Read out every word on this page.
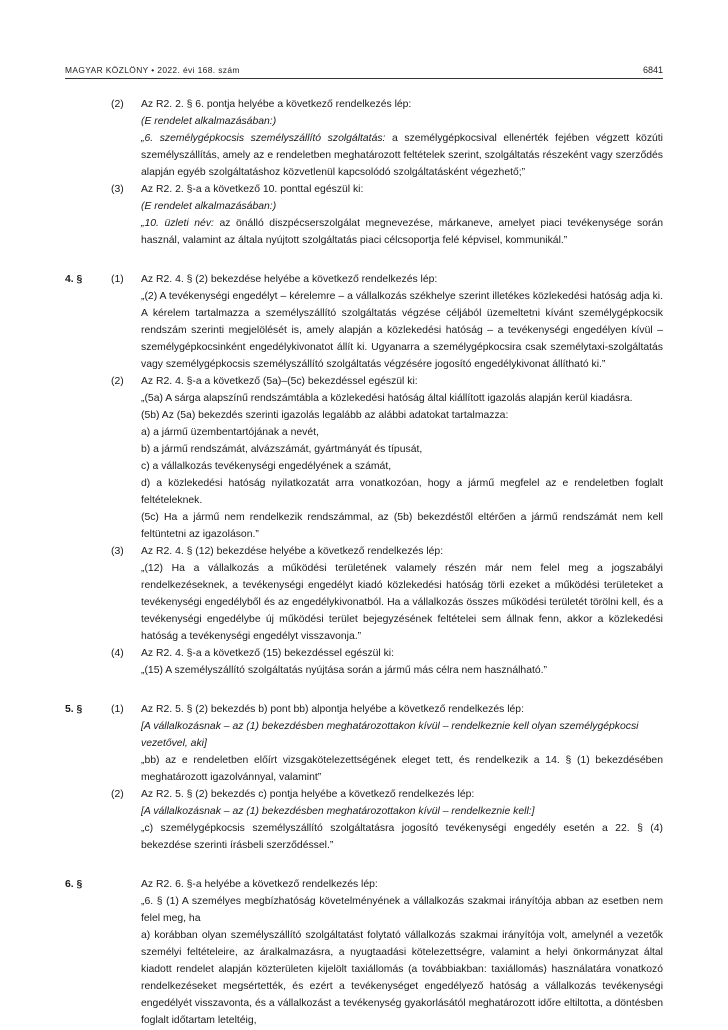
MAGYAR KÖZLÖNY • 2022. évi 168. szám	6841
(2) Az R2. 2. § 6. pontja helyébe a következő rendelkezés lép:
(E rendelet alkalmazásában:)
„6. személygépkocsis személyszállító szolgáltatás: a személygépkocsival ellenérték fejében végzett közúti személyszállítás, amely az e rendeletben meghatározott feltételek szerint, szolgáltatás részeként vagy szerződés alapján egyéb szolgáltatáshoz közvetlenül kapcsolódó szolgáltatásként végezhető;”
(3) Az R2. 2. §-a a következő 10. ponttal egészül ki:
(E rendelet alkalmazásában:)
„10. üzleti név: az önálló diszpécserszolgálat megnevezése, márkaneve, amelyet piaci tevékenysége során használ, valamint az általa nyújtott szolgáltatás piaci célcsoportja felé képvisel, kommunikál.”
4. §	(1) Az R2. 4. § (2) bekezdése helyébe a következő rendelkezés lép:
„(2) A tevékenységi engedélyt – kérelemre – a vállalkozás székhelye szerint illetékes közlekedési hatóság adja ki. A kérelem tartalmazza a személyszállító szolgáltatás végzése céljából üzemeltetni kívánt személygépkocsik rendszám szerinti megjelölését is, amely alapján a közlekedési hatóság – a tevékenységi engedélyen kívül – személygépkocsinként engedélykivonatot állít ki. Ugyanarra a személygépkocsira csak személytaxi-szolgáltatás vagy személygépkocsis személyszállító szolgáltatás végzésére jogosító engedélykivonat állítható ki.”
(2) Az R2. 4. §-a a következő (5a)–(5c) bekezdéssel egészül ki:
„(5a) A sárga alapszínű rendszámtábla a közlekedési hatóság által kiállított igazolás alapján kerül kiadásra.
(5b) Az (5a) bekezdés szerinti igazolás legalább az alábbi adatokat tartalmazza:
a) a jármű üzembentartójának a nevét,
b) a jármű rendszámát, alvázszámát, gyártmányát és típusát,
c) a vállalkozás tevékenységi engedélyének a számát,
d) a közlekedési hatóság nyilatkozatát arra vonatkozóan, hogy a jármű megfelel az e rendeletben foglalt feltételeknek.
(5c) Ha a jármű nem rendelkezik rendszámmal, az (5b) bekezdéstől eltérően a jármű rendszámát nem kell feltüntetni az igazoláson.”
(3) Az R2. 4. § (12) bekezdése helyébe a következő rendelkezés lép:
„(12) Ha a vállalkozás a működési területének valamely részén már nem felel meg a jogszabályi rendelkezéseknek, a tevékenységi engedélyt kiadó közlekedési hatóság törli ezeket a működési területeket a tevékenységi engedélyből és az engedélykivonatból. Ha a vállalkozás összes működési területét törölni kell, és a tevékenységi engedélybe új működési terület bejegyzésének feltételei sem állnak fenn, akkor a közlekedési hatóság a tevékenységi engedélyt visszavonja.”
(4) Az R2. 4. §-a a következő (15) bekezdéssel egészül ki:
„(15) A személyszállító szolgáltatás nyújtása során a jármű más célra nem használható.”
5. §	(1) Az R2. 5. § (2) bekezdés b) pont bb) alpontja helyébe a következő rendelkezés lép:
[A vállalkozásnak – az (1) bekezdésben meghatározottakon kívül – rendelkeznie kell olyan személygépkocsi vezetővel, aki]
„bb) az e rendeletben előírt vizsgakötelezettségének eleget tett, és rendelkezik a 14. § (1) bekezdésében meghatározott igazolvánnyal, valamint”
(2) Az R2. 5. § (2) bekezdés c) pontja helyébe a következő rendelkezés lép:
[A vállalkozásnak – az (1) bekezdésben meghatározottakon kívül – rendelkeznie kell:]
„c) személygépkocsis személyszállító szolgáltatásra jogosító tevékenységi engedély esetén a 22. § (4) bekezdése szerinti írásbeli szerződéssel.”
6. §	Az R2. 6. §-a helyébe a következő rendelkezés lép:
„6. § (1) A személyes megbízhatóság követelményének a vállalkozás szakmai irányítója abban az esetben nem felel meg, ha
a) korábban olyan személyszállító szolgáltatást folytató vállalkozás szakmai irányítója volt, amelynél a vezetők személyi feltételeire, az áralkalmazásra, a nyugtaadási kötelezettségre, valamint a helyi önkormányzat által kiadott rendelet alapján közterületen kijelölt taxiállomás (a továbbiakban: taxiállomás) használatára vonatkozó rendelkezéseket megsértették, és ezért a tevékenységet engedélyező hatóság a vállalkozás tevékenységi engedélyét visszavonta, és a vállalkozást a tevékenység gyakorlásától meghatározott időre eltiltotta, a döntésben foglalt időtartam leteltéig,
